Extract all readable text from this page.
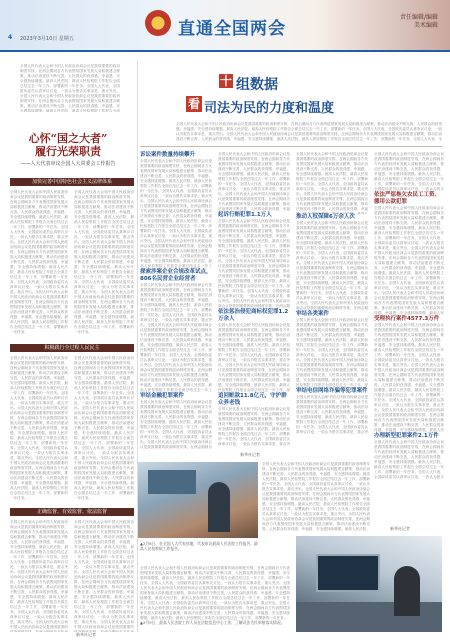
直通全国两会
4 2023年3月10日 星期五
责任编辑/编辑
美术编辑
全国人民代表大会和中国人民政治协商会议是我国重要的政治制度安排，在两会期间各方代表围绕国家发展大局积极建言献策，推动法治建设不断完善，人民群众的获得感、幸福感、安全感持续增强。最高人民法院、最高人民检察院工作报告全面总结过去一年工作，部署新的一年任务。全国人大代表、全国政协委员认真审议讨论，一致认为报告实事求是、重点突出。全国人民代表大会和中国人民政治协商会议是我国重要的政治制度安排，在两会期间各方代表围绕国家发展大局积极建言献策，推动法治建设不断完善，人民群众的获得感、幸福感、安全感持续增强。最高人民法院、最高人民检察院工作报告全面总结过去一年工作，部署新的一年任务。全国人大代表、全国政协委员认真审议讨论，一致认为报告实事求是、重点突出。全国人民代表大会和中国人民政治协商会议是我国重要的政治制度安排，在两会期间各方代表围绕国家发展大局积极建言献策，推动法治建设不断完善，人民群众的获得感、幸福感、安全感持续增强。最高人民法院、最高人民检察院工作报告全面总结过去一年工作，部署新的一年任务。
心怀“国之大者”
履行光荣职责
——人大代表审议全国人大常委会工作报告
加快完善中国特色社会主义法律体系
全国人民代表大会和中国人民政治协商会议是我国重要的政治制度安排，在两会期间各方代表围绕国家发展大局积极建言献策，推动法治建设不断完善，人民群众的获得感、幸福感、安全感持续增强。最高人民法院、最高人民检察院工作报告全面总结过去一年工作，部署新的一年任务。全国人大代表、全国政协委员认真审议讨论，一致认为报告实事求是、重点突出。全国人民代表大会和中国人民政治协商会议是我国重要的政治制度安排，在两会期间各方代表围绕国家发展大局积极建言献策，推动法治建设不断完善，人民群众的获得感、幸福感、安全感持续增强。最高人民法院、最高人民检察院工作报告全面总结过去一年工作，部署新的一年任务。全国人大代表、全国政协委员认真审议讨论，一致认为报告实事求是、重点突出。全国人民代表大会和中国人民政治协商会议是我国重要的政治制度安排，在两会期间各方代表围绕国家发展大局积极建言献策，推动法治建设不断完善，人民群众的获得感、幸福感、安全感持续增强。最高人民法院、最高人民检察院工作报告全面总结过去一年工作，部署新的一年任务。
全国人民代表大会和中国人民政治协商会议是我国重要的政治制度安排，在两会期间各方代表围绕国家发展大局积极建言献策，推动法治建设不断完善，人民群众的获得感、幸福感、安全感持续增强。最高人民法院、最高人民检察院工作报告全面总结过去一年工作，部署新的一年任务。全国人大代表、全国政协委员认真审议讨论，一致认为报告实事求是、重点突出。全国人民代表大会和中国人民政治协商会议是我国重要的政治制度安排，在两会期间各方代表围绕国家发展大局积极建言献策，推动法治建设不断完善，人民群众的获得感、幸福感、安全感持续增强。最高人民法院、最高人民检察院工作报告全面总结过去一年工作，部署新的一年任务。全国人大代表、全国政协委员认真审议讨论，一致认为报告实事求是、重点突出。全国人民代表大会和中国人民政治协商会议是我国重要的政治制度安排，在两会期间各方代表围绕国家发展大局积极建言献策，推动法治建设不断完善，人民群众的获得感、幸福感、安全感持续增强。最高人民法院、最高人民检察院工作报告全面总结过去一年工作，部署新的一年任务。
积极践行全过程人民民主
全国人民代表大会和中国人民政治协商会议是我国重要的政治制度安排，在两会期间各方代表围绕国家发展大局积极建言献策，推动法治建设不断完善，人民群众的获得感、幸福感、安全感持续增强。最高人民法院、最高人民检察院工作报告全面总结过去一年工作，部署新的一年任务。全国人大代表、全国政协委员认真审议讨论，一致认为报告实事求是、重点突出。全国人民代表大会和中国人民政治协商会议是我国重要的政治制度安排，在两会期间各方代表围绕国家发展大局积极建言献策，推动法治建设不断完善，人民群众的获得感、幸福感、安全感持续增强。最高人民法院、最高人民检察院工作报告全面总结过去一年工作，部署新的一年任务。全国人大代表、全国政协委员认真审议讨论，一致认为报告实事求是、重点突出。全国人民代表大会和中国人民政治协商会议是我国重要的政治制度安排，在两会期间各方代表围绕国家发展大局积极建言献策，推动法治建设不断完善，人民群众的获得感、幸福感、安全感持续增强。最高人民法院、最高人民检察院工作报告全面总结过去一年工作，部署新的一年任务。
全国人民代表大会和中国人民政治协商会议是我国重要的政治制度安排，在两会期间各方代表围绕国家发展大局积极建言献策，推动法治建设不断完善，人民群众的获得感、幸福感、安全感持续增强。最高人民法院、最高人民检察院工作报告全面总结过去一年工作，部署新的一年任务。全国人大代表、全国政协委员认真审议讨论，一致认为报告实事求是、重点突出。全国人民代表大会和中国人民政治协商会议是我国重要的政治制度安排，在两会期间各方代表围绕国家发展大局积极建言献策，推动法治建设不断完善，人民群众的获得感、幸福感、安全感持续增强。最高人民法院、最高人民检察院工作报告全面总结过去一年工作，部署新的一年任务。全国人大代表、全国政协委员认真审议讨论，一致认为报告实事求是、重点突出。全国人民代表大会和中国人民政治协商会议是我国重要的政治制度安排，在两会期间各方代表围绕国家发展大局积极建言献策，推动法治建设不断完善，人民群众的获得感、幸福感、安全感持续增强。最高人民法院、最高人民检察院工作报告全面总结过去一年工作，部署新的一年任务。
正确监督、有效监督、依法监督
全国人民代表大会和中国人民政治协商会议是我国重要的政治制度安排，在两会期间各方代表围绕国家发展大局积极建言献策，推动法治建设不断完善，人民群众的获得感、幸福感、安全感持续增强。最高人民法院、最高人民检察院工作报告全面总结过去一年工作，部署新的一年任务。全国人大代表、全国政协委员认真审议讨论，一致认为报告实事求是、重点突出。全国人民代表大会和中国人民政治协商会议是我国重要的政治制度安排，在两会期间各方代表围绕国家发展大局积极建言献策，推动法治建设不断完善，人民群众的获得感、幸福感、安全感持续增强。最高人民法院、最高人民检察院工作报告全面总结过去一年工作，部署新的一年任务。全国人大代表、全国政协委员认真审议讨论，一致认为报告实事求是、重点突出。全国人民代表大会和中国人民政治协商会议是我国重要的政治制度安排，在两会期间各方代表围绕国家发展大局积极建言献策，推动法治建设不断完善，人民群众的获得感、幸福感、安全感持续增强。最高人民法院、最高人民检察院工作报告全面总结过去一年工作，部署新的一年任务。
全国人民代表大会和中国人民政治协商会议是我国重要的政治制度安排，在两会期间各方代表围绕国家发展大局积极建言献策，推动法治建设不断完善，人民群众的获得感、幸福感、安全感持续增强。最高人民法院、最高人民检察院工作报告全面总结过去一年工作，部署新的一年任务。全国人大代表、全国政协委员认真审议讨论，一致认为报告实事求是、重点突出。全国人民代表大会和中国人民政治协商会议是我国重要的政治制度安排，在两会期间各方代表围绕国家发展大局积极建言献策，推动法治建设不断完善，人民群众的获得感、幸福感、安全感持续增强。最高人民法院、最高人民检察院工作报告全面总结过去一年工作，部署新的一年任务。全国人大代表、全国政协委员认真审议讨论，一致认为报告实事求是、重点突出。全国人民代表大会和中国人民政治协商会议是我国重要的政治制度安排，在两会期间各方代表围绕国家发展大局积极建言献策，推动法治建设不断完善，人民群众的获得感、幸福感、安全感持续增强。最高人民法院、最高人民检察院工作报告全面总结过去一年工作，部署新的一年任务。
新华社记者
十 组数据
看 司法为民的力度和温度
全国人民代表大会和中国人民政治协商会议是我国重要的政治制度安排，在两会期间各方代表围绕国家发展大局积极建言献策，推动法治建设不断完善，人民群众的获得感、幸福感、安全感持续增强。最高人民法院、最高人民检察院工作报告全面总结过去一年工作，部署新的一年任务。全国人大代表、全国政协委员认真审议讨论，一致认为报告实事求是、重点突出。全国人民代表大会和中国人民政治协商会议是我国重要的政治制度安排，在两会期间各方代表围绕国家发展大局积极建言献策，推动法治建设不断完善，人民群众的获得感、幸福感、安全感持续增强。最高人民法院、最高人民检察院工作报告全面总结过去一年工作，部署新的一年任务。全国人大代表、全国政协委员认真审议讨论，一致认为报告实事求是、重点突出。全国人民代表大会和中国人民政治协商会议是我国重要的政治制度安排，在两会期间各方代表围绕国家发展大局积极建言献策，推动法治建设不断完善，人民群众的获得感、幸福感、安全感持续增强。最高人民法院、最高人民检察院工作报告全面总结过去一年工作，部署新的一年任务。
诉讼案件数量持续攀升
全国人民代表大会和中国人民政治协商会议是我国重要的政治制度安排，在两会期间各方代表围绕国家发展大局积极建言献策，推动法治建设不断完善，人民群众的获得感、幸福感、安全感持续增强。最高人民法院、最高人民检察院工作报告全面总结过去一年工作，部署新的一年任务。全国人大代表、全国政协委员认真审议讨论，一致认为报告实事求是、重点突出。全国人民代表大会和中国人民政治协商会议是我国重要的政治制度安排，在两会期间各方代表围绕国家发展大局积极建言献策，推动法治建设不断完善，人民群众的获得感、幸福感、安全感持续增强。最高人民法院、最高人民检察院工作报告全面总结过去一年工作，部署新的一年任务。全国人大代表、全国政协委员认真审议讨论，一致认为报告实事求是、重点突出。全国人民代表大会和中国人民政治协商会议是我国重要的政治制度安排，在两会期间各方代表围绕国家发展大局积极建言献策，推动法治建设不断完善，人民群众的获得感、幸福感、安全感持续增强。最高人民法院、最高人民检察院工作报告全面总结过去一年工作，部署新的一年任务。
探索涉案企业合规改革试点，806名民营企业经营者
全国人民代表大会和中国人民政治协商会议是我国重要的政治制度安排，在两会期间各方代表围绕国家发展大局积极建言献策，推动法治建设不断完善，人民群众的获得感、幸福感、安全感持续增强。最高人民法院、最高人民检察院工作报告全面总结过去一年工作，部署新的一年任务。全国人大代表、全国政协委员认真审议讨论，一致认为报告实事求是、重点突出。全国人民代表大会和中国人民政治协商会议是我国重要的政治制度安排，在两会期间各方代表围绕国家发展大局积极建言献策，推动法治建设不断完善，人民群众的获得感、幸福感、安全感持续增强。最高人民法院、最高人民检察院工作报告全面总结过去一年工作，部署新的一年任务。全国人大代表、全国政协委员认真审议讨论，一致认为报告实事求是、重点突出。全国人民代表大会和中国人民政治协商会议是我国重要的政治制度安排，在两会期间各方代表围绕国家发展大局积极建言献策，推动法治建设不断完善，人民群众的获得感、幸福感、安全感持续增强。最高人民法院、最高人民检察院工作报告全面总结过去一年工作，部署新的一年任务。
审结金融犯罪案件
全国人民代表大会和中国人民政治协商会议是我国重要的政治制度安排，在两会期间各方代表围绕国家发展大局积极建言献策，推动法治建设不断完善，人民群众的获得感、幸福感、安全感持续增强。最高人民法院、最高人民检察院工作报告全面总结过去一年工作，部署新的一年任务。全国人大代表、全国政协委员认真审议讨论，一致认为报告实事求是、重点突出。全国人民代表大会和中国人民政治协商会议是我国重要的政治制度安排，在两会期间各方代表围绕国家发展大局积极建言献策，推动法治建设不断完善，人民群众的获得感、幸福感、安全感持续增强。最高人民法院、最高人民检察院工作报告全面总结过去一年工作，部署新的一年任务。全国人大代表、全国政协委员认真审议讨论，一致认为报告实事求是、重点突出。全国人民代表大会和中国人民政治协商会议是我国重要的政治制度安排，在两会期间各方代表围绕国家发展大局积极建言献策，推动法治建设不断完善，人民群众的获得感、幸福感、安全感持续增强。最高人民法院、最高人民检察院工作报告全面总结过去一年工作，部署新的一年任务。
全国人民代表大会和中国人民政治协商会议是我国重要的政治制度安排，在两会期间各方代表围绕国家发展大局积极建言献策，推动法治建设不断完善，人民群众的获得感、幸福感、安全感持续增强。最高人民法院、最高人民检察院工作报告全面总结过去一年工作，部署新的一年任务。全国人大代表、全国政协委员认真审议讨论，一致认为报告实事求是、重点突出。全国人民代表大会和中国人民政治协商会议是我国重要的政治制度安排，在两会期间各方代表围绕国家发展大局积极建言献策，推动法治建设不断完善，人民群众的获得感、幸福感、安全感持续增强。最高人民法院、最高人民检察院工作报告全面总结过去一年工作，部署新的一年任务。全国人大代表、全国政协委员认真审议讨论，一致认为报告实事求是、重点突出。全国人民代表大会和中国人民政治协商会议是我国重要的政治制度安排，在两会期间各方代表围绕国家发展大局积极建言献策，推动法治建设不断完善，人民群众的获得感、幸福感、安全感持续增强。最高人民法院、最高人民检察院工作报告全面总结过去一年工作，部署新的一年任务。
起诉行贿犯罪1.1万人
全国人民代表大会和中国人民政治协商会议是我国重要的政治制度安排，在两会期间各方代表围绕国家发展大局积极建言献策，推动法治建设不断完善，人民群众的获得感、幸福感、安全感持续增强。最高人民法院、最高人民检察院工作报告全面总结过去一年工作，部署新的一年任务。全国人大代表、全国政协委员认真审议讨论，一致认为报告实事求是、重点突出。全国人民代表大会和中国人民政治协商会议是我国重要的政治制度安排，在两会期间各方代表围绕国家发展大局积极建言献策，推动法治建设不断完善，人民群众的获得感、幸福感、安全感持续增强。最高人民法院、最高人民检察院工作报告全面总结过去一年工作，部署新的一年任务。全国人大代表、全国政协委员认真审议讨论，一致认为报告实事求是、重点突出。全国人民代表大会和中国人民政治协商会议是我国重要的政治制度安排，在两会期间各方代表围绕国家发展大局积极建言献策，推动法治建设不断完善，人民群众的获得感、幸福感、安全感持续增强。最高人民法院、最高人民检察院工作报告全面总结过去一年工作，部署新的一年任务。
依法惩治侵犯商标权犯罪1.2万余人
全国人民代表大会和中国人民政治协商会议是我国重要的政治制度安排，在两会期间各方代表围绕国家发展大局积极建言献策，推动法治建设不断完善，人民群众的获得感、幸福感、安全感持续增强。最高人民法院、最高人民检察院工作报告全面总结过去一年工作，部署新的一年任务。全国人大代表、全国政协委员认真审议讨论，一致认为报告实事求是、重点突出。全国人民代表大会和中国人民政治协商会议是我国重要的政治制度安排，在两会期间各方代表围绕国家发展大局积极建言献策，推动法治建设不断完善，人民群众的获得感、幸福感、安全感持续增强。最高人民法院、最高人民检察院工作报告全面总结过去一年工作，部署新的一年任务。全国人大代表、全国政协委员认真审议讨论，一致认为报告实事求是、重点突出。全国人民代表大会和中国人民政治协商会议是我国重要的政治制度安排，在两会期间各方代表围绕国家发展大局积极建言献策，推动法治建设不断完善，人民群众的获得感、幸福感、安全感持续增强。最高人民法院、最高人民检察院工作报告全面总结过去一年工作，部署新的一年任务。
追回赃款11.8亿元，守护群众养老钱
全国人民代表大会和中国人民政治协商会议是我国重要的政治制度安排，在两会期间各方代表围绕国家发展大局积极建言献策，推动法治建设不断完善，人民群众的获得感、幸福感、安全感持续增强。最高人民法院、最高人民检察院工作报告全面总结过去一年工作，部署新的一年任务。全国人大代表、全国政协委员认真审议讨论，一致认为报告实事求是、重点突出。全国人民代表大会和中国人民政治协商会议是我国重要的政治制度安排，在两会期间各方代表围绕国家发展大局积极建言献策，推动法治建设不断完善，人民群众的获得感、幸福感、安全感持续增强。最高人民法院、最高人民检察院工作报告全面总结过去一年工作，部署新的一年任务。全国人大代表、全国政协委员认真审议讨论，一致认为报告实事求是、重点突出。全国人民代表大会和中国人民政治协商会议是我国重要的政治制度安排，在两会期间各方代表围绕国家发展大局积极建言献策，推动法治建设不断完善，人民群众的获得感、幸福感、安全感持续增强。最高人民法院、最高人民检察院工作报告全面总结过去一年工作，部署新的一年任务。
全国人民代表大会和中国人民政治协商会议是我国重要的政治制度安排，在两会期间各方代表围绕国家发展大局积极建言献策，推动法治建设不断完善，人民群众的获得感、幸福感、安全感持续增强。最高人民法院、最高人民检察院工作报告全面总结过去一年工作，部署新的一年任务。全国人大代表、全国政协委员认真审议讨论，一致认为报告实事求是、重点突出。全国人民代表大会和中国人民政治协商会议是我国重要的政治制度安排，在两会期间各方代表围绕国家发展大局积极建言献策，推动法治建设不断完善，人民群众的获得感、幸福感、安全感持续增强。最高人民法院、最高人民检察院工作报告全面总结过去一年工作，部署新的一年任务。全国人大代表、全国政协委员认真审议讨论，一致认为报告实事求是、重点突出。全国人民代表大会和中国人民政治协商会议是我国重要的政治制度安排，在两会期间各方代表围绕国家发展大局积极建言献策，推动法治建设不断完善，人民群众的获得感、幸福感、安全感持续增强。最高人民法院、最高人民检察院工作报告全面总结过去一年工作，部署新的一年任务。
推动人权保障6万余人次
全国人民代表大会和中国人民政治协商会议是我国重要的政治制度安排，在两会期间各方代表围绕国家发展大局积极建言献策，推动法治建设不断完善，人民群众的获得感、幸福感、安全感持续增强。最高人民法院、最高人民检察院工作报告全面总结过去一年工作，部署新的一年任务。全国人大代表、全国政协委员认真审议讨论，一致认为报告实事求是、重点突出。全国人民代表大会和中国人民政治协商会议是我国重要的政治制度安排，在两会期间各方代表围绕国家发展大局积极建言献策，推动法治建设不断完善，人民群众的获得感、幸福感、安全感持续增强。最高人民法院、最高人民检察院工作报告全面总结过去一年工作，部署新的一年任务。全国人大代表、全国政协委员认真审议讨论，一致认为报告实事求是、重点突出。全国人民代表大会和中国人民政治协商会议是我国重要的政治制度安排，在两会期间各方代表围绕国家发展大局积极建言献策，推动法治建设不断完善，人民群众的获得感、幸福感、安全感持续增强。最高人民法院、最高人民检察院工作报告全面总结过去一年工作，部署新的一年任务。
审结各类案件
全国人民代表大会和中国人民政治协商会议是我国重要的政治制度安排，在两会期间各方代表围绕国家发展大局积极建言献策，推动法治建设不断完善，人民群众的获得感、幸福感、安全感持续增强。最高人民法院、最高人民检察院工作报告全面总结过去一年工作，部署新的一年任务。全国人大代表、全国政协委员认真审议讨论，一致认为报告实事求是、重点突出。全国人民代表大会和中国人民政治协商会议是我国重要的政治制度安排，在两会期间各方代表围绕国家发展大局积极建言献策，推动法治建设不断完善，人民群众的获得感、幸福感、安全感持续增强。最高人民法院、最高人民检察院工作报告全面总结过去一年工作，部署新的一年任务。全国人大代表、全国政协委员认真审议讨论，一致认为报告实事求是、重点突出。全国人民代表大会和中国人民政治协商会议是我国重要的政治制度安排，在两会期间各方代表围绕国家发展大局积极建言献策，推动法治建设不断完善，人民群众的获得感、幸福感、安全感持续增强。最高人民法院、最高人民检察院工作报告全面总结过去一年工作，部署新的一年任务。
审结电信网络诈骗等犯罪案件
全国人民代表大会和中国人民政治协商会议是我国重要的政治制度安排，在两会期间各方代表围绕国家发展大局积极建言献策，推动法治建设不断完善，人民群众的获得感、幸福感、安全感持续增强。最高人民法院、最高人民检察院工作报告全面总结过去一年工作，部署新的一年任务。全国人大代表、全国政协委员认真审议讨论，一致认为报告实事求是、重点突出。全国人民代表大会和中国人民政治协商会议是我国重要的政治制度安排，在两会期间各方代表围绕国家发展大局积极建言献策，推动法治建设不断完善，人民群众的获得感、幸福感、安全感持续增强。最高人民法院、最高人民检察院工作报告全面总结过去一年工作，部署新的一年任务。全国人大代表、全国政协委员认真审议讨论，一致认为报告实事求是、重点突出。全国人民代表大会和中国人民政治协商会议是我国重要的政治制度安排，在两会期间各方代表围绕国家发展大局积极建言献策，推动法治建设不断完善，人民群众的获得感、幸福感、安全感持续增强。最高人民法院、最高人民检察院工作报告全面总结过去一年工作，部署新的一年任务。
全国人民代表大会和中国人民政治协商会议是我国重要的政治制度安排，在两会期间各方代表围绕国家发展大局积极建言献策，推动法治建设不断完善，人民群众的获得感、幸福感、安全感持续增强。最高人民法院、最高人民检察院工作报告全面总结过去一年工作，部署新的一年任务。全国人大代表、全国政协委员认真审议讨论，一致认为报告实事求是、重点突出。全国人民代表大会和中国人民政治协商会议是我国重要的政治制度安排，在两会期间各方代表围绕国家发展大局积极建言献策，推动法治建设不断完善，人民群众的获得感、幸福感、安全感持续增强。最高人民法院、最高人民检察院工作报告全面总结过去一年工作，部署新的一年任务。全国人大代表、全国政协委员认真审议讨论，一致认为报告实事求是、重点突出。全国人民代表大会和中国人民政治协商会议是我国重要的政治制度安排，在两会期间各方代表围绕国家发展大局积极建言献策，推动法治建设不断完善，人民群众的获得感、幸福感、安全感持续增强。最高人民法院、最高人民检察院工作报告全面总结过去一年工作，部署新的一年任务。
依法严惩拖欠农民工工资、挪用公款犯罪
全国人民代表大会和中国人民政治协商会议是我国重要的政治制度安排，在两会期间各方代表围绕国家发展大局积极建言献策，推动法治建设不断完善，人民群众的获得感、幸福感、安全感持续增强。最高人民法院、最高人民检察院工作报告全面总结过去一年工作，部署新的一年任务。全国人大代表、全国政协委员认真审议讨论，一致认为报告实事求是、重点突出。全国人民代表大会和中国人民政治协商会议是我国重要的政治制度安排，在两会期间各方代表围绕国家发展大局积极建言献策，推动法治建设不断完善，人民群众的获得感、幸福感、安全感持续增强。最高人民法院、最高人民检察院工作报告全面总结过去一年工作，部署新的一年任务。全国人大代表、全国政协委员认真审议讨论，一致认为报告实事求是、重点突出。全国人民代表大会和中国人民政治协商会议是我国重要的政治制度安排，在两会期间各方代表围绕国家发展大局积极建言献策，推动法治建设不断完善，人民群众的获得感、幸福感、安全感持续增强。最高人民法院、最高人民检察院工作报告全面总结过去一年工作，部署新的一年任务。
受理执行案件4577.3万件
全国人民代表大会和中国人民政治协商会议是我国重要的政治制度安排，在两会期间各方代表围绕国家发展大局积极建言献策，推动法治建设不断完善，人民群众的获得感、幸福感、安全感持续增强。最高人民法院、最高人民检察院工作报告全面总结过去一年工作，部署新的一年任务。全国人大代表、全国政协委员认真审议讨论，一致认为报告实事求是、重点突出。全国人民代表大会和中国人民政治协商会议是我国重要的政治制度安排，在两会期间各方代表围绕国家发展大局积极建言献策，推动法治建设不断完善，人民群众的获得感、幸福感、安全感持续增强。最高人民法院、最高人民检察院工作报告全面总结过去一年工作，部署新的一年任务。全国人大代表、全国政协委员认真审议讨论，一致认为报告实事求是、重点突出。全国人民代表大会和中国人民政治协商会议是我国重要的政治制度安排，在两会期间各方代表围绕国家发展大局积极建言献策，推动法治建设不断完善，人民群众的获得感、幸福感、安全感持续增强。最高人民法院、最高人民检察院工作报告全面总结过去一年工作，部署新的一年任务。
办理新型犯罪案件2.1万件
全国人民代表大会和中国人民政治协商会议是我国重要的政治制度安排，在两会期间各方代表围绕国家发展大局积极建言献策，推动法治建设不断完善，人民群众的获得感、幸福感、安全感持续增强。最高人民法院、最高人民检察院工作报告全面总结过去一年工作，部署新的一年任务。全国人大代表、全国政协委员认真审议讨论，一致认为报告实事求是、重点突出。全国人民代表大会和中国人民政治协商会议是我国重要的政治制度安排，在两会期间各方代表围绕国家发展大局积极建言献策，推动法治建设不断完善，人民群众的获得感、幸福感、安全感持续增强。最高人民法院、最高人民检察院工作报告全面总结过去一年工作，部署新的一年任务。全国人大代表、全国政协委员认真审议讨论，一致认为报告实事求是、重点突出。全国人民代表大会和中国人民政治协商会议是我国重要的政治制度安排，在两会期间各方代表围绕国家发展大局积极建言献策，推动法治建设不断完善，人民群众的获得感、幸福感、安全感持续增强。最高人民法院、最高人民检察院工作报告全面总结过去一年工作，部署新的一年任务。
新华社记者
▲3月8日，在全国人大代表驻地，代表审议最高人民法院工作报告、最高人民检察院工作报告。
全国人民代表大会和中国人民政治协商会议是我国重要的政治制度安排，在两会期间各方代表围绕国家发展大局积极建言献策，推动法治建设不断完善，人民群众的获得感、幸福感、安全感持续增强。最高人民法院、最高人民检察院工作报告全面总结过去一年工作，部署新的一年任务。全国人大代表、全国政协委员认真审议讨论，一致认为报告实事求是、重点突出。全国人民代表大会和中国人民政治协商会议是我国重要的政治制度安排，在两会期间各方代表围绕国家发展大局积极建言献策，推动法治建设不断完善，人民群众的获得感、幸福感、安全感持续增强。最高人民法院、最高人民检察院工作报告全面总结过去一年工作，部署新的一年任务。全国人大代表、全国政协委员认真审议讨论，一致认为报告实事求是、重点突出。全国人民代表大会和中国人民政治协商会议是我国重要的政治制度安排，在两会期间各方代表围绕国家发展大局积极建言献策，推动法治建设不断完善，人民群众的获得感、幸福感、安全感持续增强。最高人民法院、最高人民检察院工作报告全面总结过去一年工作，部署新的一年任务。
新华社记者
全国人民代表大会和中国人民政治协商会议是我国重要的政治制度安排，在两会期间各方代表围绕国家发展大局积极建言献策，推动法治建设不断完善，人民群众的获得感、幸福感、安全感持续增强。最高人民法院、最高人民检察院工作报告全面总结过去一年工作，部署新的一年任务。全国人大代表、全国政协委员认真审议讨论，一致认为报告实事求是、重点突出。全国人民代表大会和中国人民政治协商会议是我国重要的政治制度安排，在两会期间各方代表围绕国家发展大局积极建言献策，推动法治建设不断完善，人民群众的获得感、幸福感、安全感持续增强。最高人民法院、最高人民检察院工作报告全面总结过去一年工作，部署新的一年任务。全国人大代表、全国政协委员认真审议讨论，一致认为报告实事求是、重点突出。全国人民代表大会和中国人民政治协商会议是我国重要的政治制度安排，在两会期间各方代表围绕国家发展大局积极建言献策，推动法治建设不断完善，人民群众的获得感、幸福感、安全感持续增强。最高人民法院、最高人民检察院工作报告全面总结过去一年工作，部署新的一年任务。
▲3月9日，最高人民法院工作人员在法院信息中心工作，了解司法为民举措落实情况。
